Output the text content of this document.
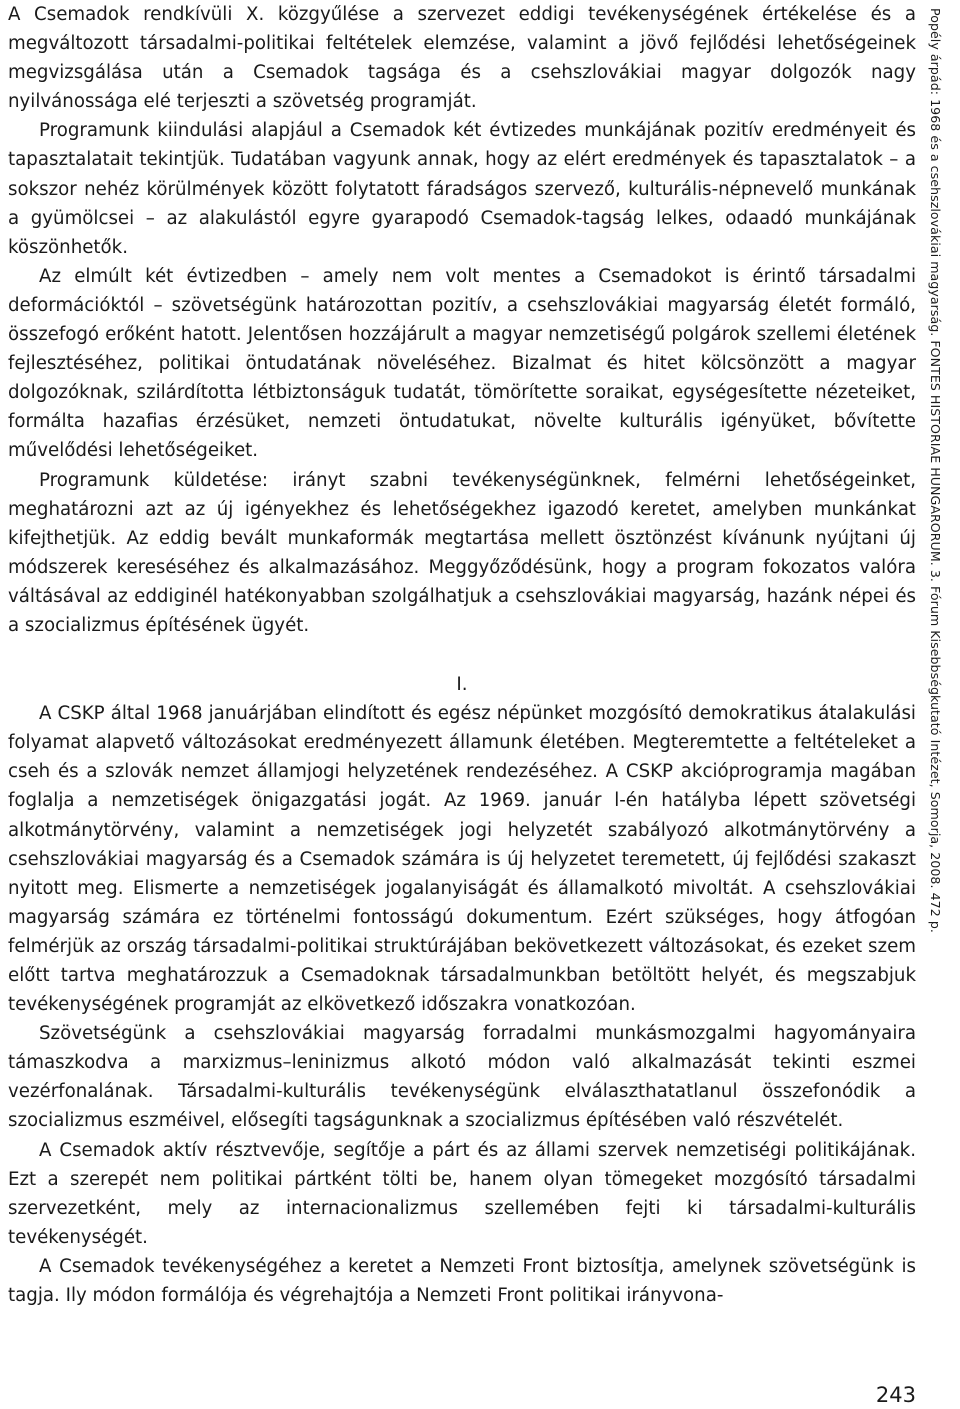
A Csemadok rendkívüli X. közgyűlése a szervezet eddigi tevékenységének értékelése és a megváltozott társadalmi-politikai feltételek elemzése, valamint a jövő fejlődési lehetőségeinek megvizsgálása után a Csemadok tagsága és a csehszlovákiai magyar dolgozók nagy nyilvánossága elé terjeszti a szövetség programját.

Programunk kiindulási alapjául a Csemadok két évtizedes munkájának pozitív eredményeit és tapasztalatait tekintjük. Tudatában vagyunk annak, hogy az elért eredmények és tapasztalatok – a sokszor nehéz körülmények között folytatott fáradságos szervező, kulturális-népnevelő munkának a gyümölcsei – az alakulástól egyre gyarapodó Csemadok-tagság lelkes, odaadó munkájának köszönhetők.

Az elmúlt két évtizedben – amely nem volt mentes a Csemadokot is érintő társadalmi deformációktól – szövetségünk határozottan pozitív, a csehszlovákiai magyarság életét formáló, összefogó erőként hatott. Jelentősen hozzájárult a magyar nemzetiségű polgárok szellemi életének fejlesztéséhez, politikai öntudatának növeléséhez. Bizalmat és hitet kölcsönzött a magyar dolgozóknak, szilárdította létbiztonságuk tudatát, tömörítette soraikat, egységesítette nézeteiket, formálta hazafias érzésüket, nemzeti öntudatukat, növelte kulturális igényüket, bővítette művelődési lehetőségeiket.

Programunk küldetése: irányt szabni tevékenységünknek, felmérni lehetőségeinket, meghatározni azt az új igényekhez és lehetőségekhez igazodó keretet, amelyben munkánkat kifejthetjük. Az eddig bevált munkaformák megtartása mellett ösztönzést kívánunk nyújtani új módszerek kereséséhez és alkalmazásához. Meggyőződésünk, hogy a program fokozatos valóra váltásával az eddiginél hatékonyabban szolgálhatjuk a csehszlovákiai magyarság, hazánk népei és a szocializmus építésének ügyét.

I.

A CSKP által 1968 januárjában elindított és egész népünket mozgósító demokratikus átalakulási folyamat alapvető változásokat eredményezett államunk életében. Megteremtette a feltételeket a cseh és a szlovák nemzet államjogi helyzetének rendezéséhez. A CSKP akcióprogramja magában foglalja a nemzetiségek önigazgatási jogát. Az 1969. január l-én hatályba lépett szövetségi alkotmánytörvény, valamint a nemzetiségek jogi helyzetét szabályozó alkotmánytörvény a csehszlovákiai magyarság és a Csemadok számára is új helyzetet teremetett, új fejlődési szakaszt nyitott meg. Elismerte a nemzetiségek jogalanyiságát és államalkotó mivoltát. A csehszlovákiai magyarság számára ez történelmi fontosságú dokumentum. Ezért szükséges, hogy átfogóan felmérjük az ország társadalmi-politikai struktúrájában bekövetkezett változásokat, és ezeket szem előtt tartva meghatározzuk a Csemadoknak társadalmunkban betöltött helyét, és megszabjuk tevékenységének programját az elkövetkező időszakra vonatkozóan.

Szövetségünk a csehszlovákiai magyarság forradalmi munkásmozgalmi hagyományaira támaszkodva a marxizmus–leninizmus alkotó módon való alkalmazását tekinti eszmei vezérfonalának. Társadalmi-kulturális tevékenységünk elválaszthatatlanul összefonódik a szocializmus eszméivel, elősegíti tagságunknak a szocializmus építésében való részvételét.

A Csemadok aktív résztvevője, segítője a párt és az állami szervek nemzetiségi politikájának. Ezt a szerepét nem politikai pártként tölti be, hanem olyan tömegeket mozgósító társadalmi szervezetként, mely az internacionalizmus szellemében fejti ki társadalmi-kulturális tevékenységét.

A Csemadok tevékenységéhez a keretet a Nemzeti Front biztosítja, amelynek szövetségünk is tagja. Ily módon formálója és végrehajtója a Nemzeti Front politikai irányvona-

Popély árpád: 1968 és a csehszlovákiai magyarság. FONTES HISTORIAE HUNGARORUM. 3. Fórum Kisebbségkutató Intézet, Somorja, 2008. 472 p.
243
